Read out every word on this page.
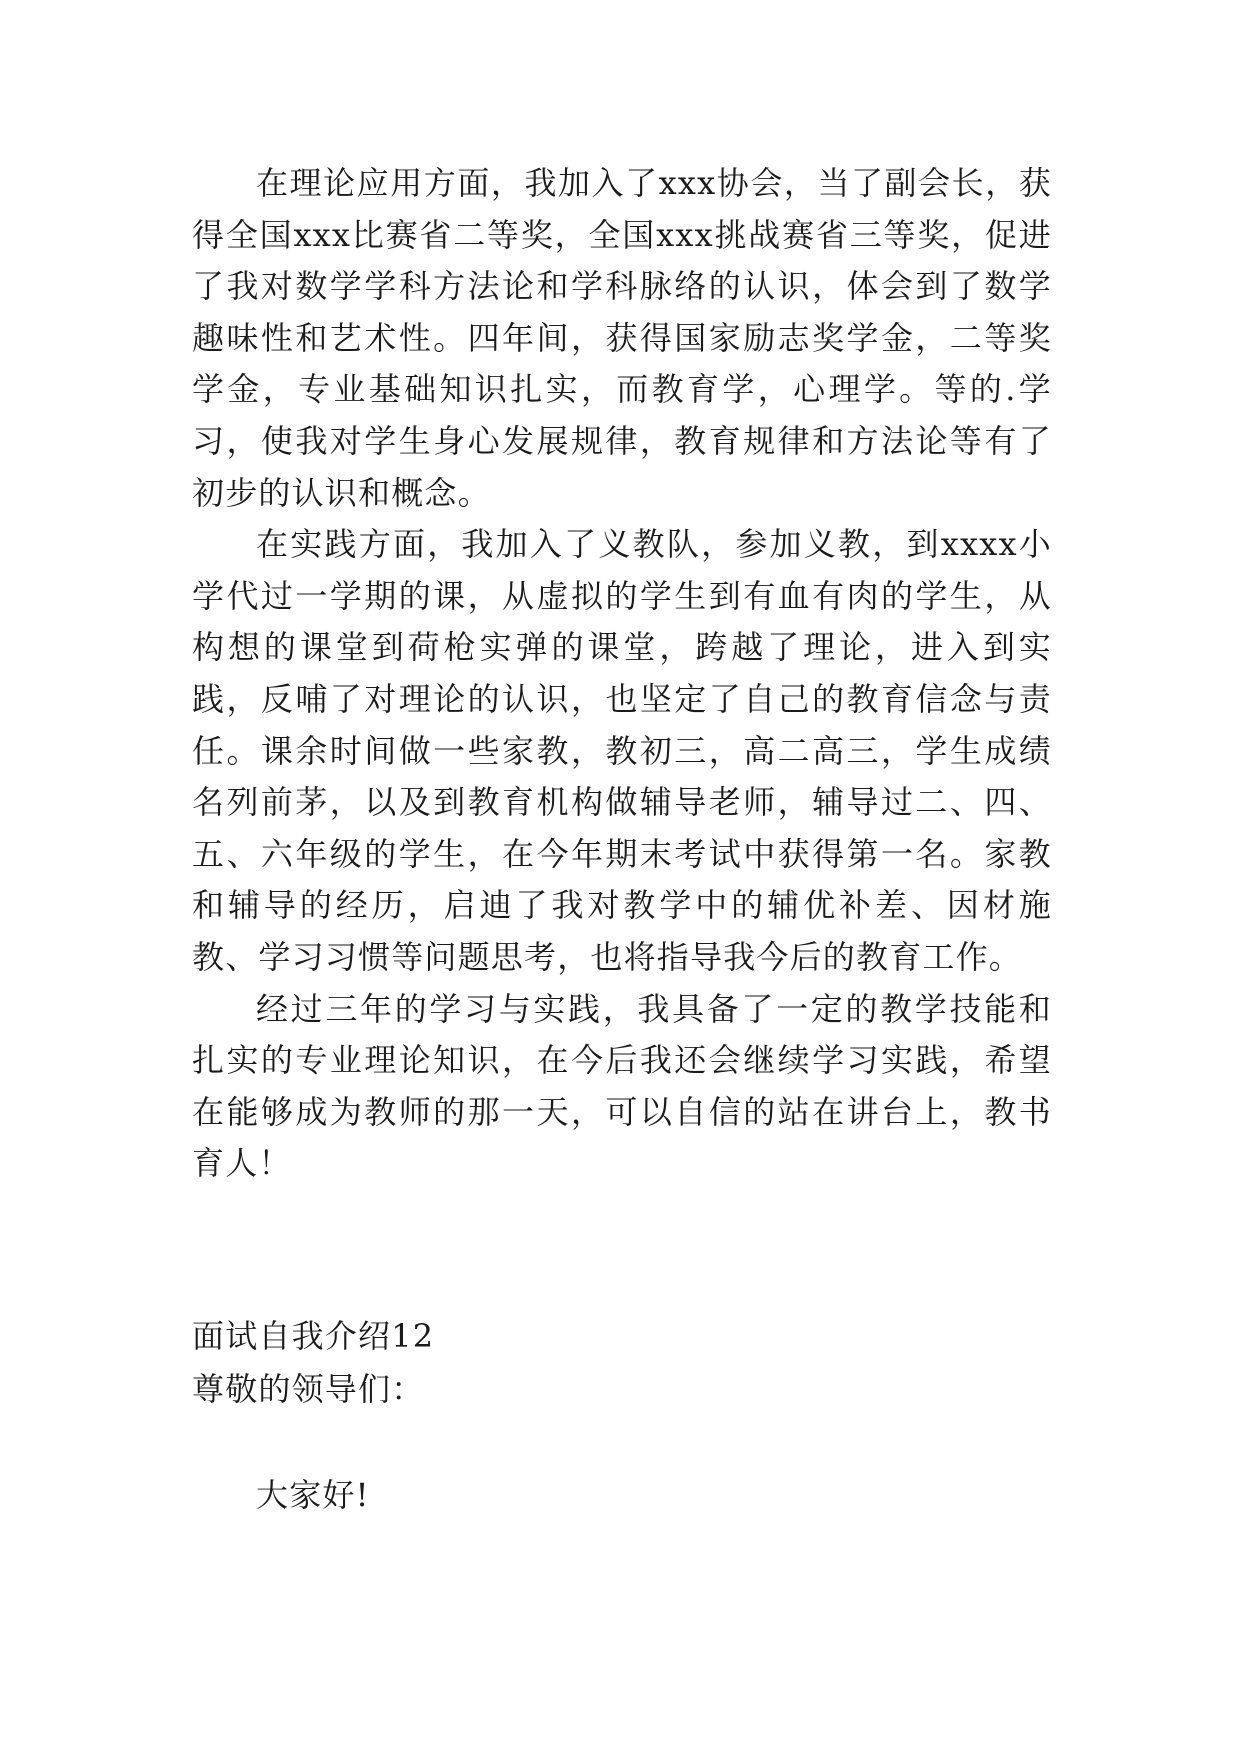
在理论应用方面，我加入了xxx协会，当了副会长，获得全国xxx比赛省二等奖，全国xxx挑战赛省三等奖，促进了我对数学学科方法论和学科脉络的认识，体会到了数学趣味性和艺术性。四年间，获得国家励志奖学金，二等奖学金，专业基础知识扎实，而教育学，心理学。等的.学习，使我对学生身心发展规律，教育规律和方法论等有了初步的认识和概念。

在实践方面，我加入了义教队，参加义教，到xxxx小学代过一学期的课，从虚拟的学生到有血有肉的学生，从构想的课堂到荷枪实弹的课堂，跨越了理论，进入到实践，反哺了对理论的认识，也坚定了自己的教育信念与责任。课余时间做一些家教，教初三，高二高三，学生成绩名列前茅，以及到教育机构做辅导老师，辅导过二、四、五、六年级的学生，在今年期末考试中获得第一名。家教和辅导的经历，启迪了我对教学中的辅优补差、因材施教、学习习惯等问题思考，也将指导我今后的教育工作。

经过三年的学习与实践，我具备了一定的教学技能和扎实的专业理论知识，在今后我还会继续学习实践，希望在能够成为教师的那一天，可以自信的站在讲台上，教书育人！

面试自我介绍12
尊敬的领导们：
大家好!
